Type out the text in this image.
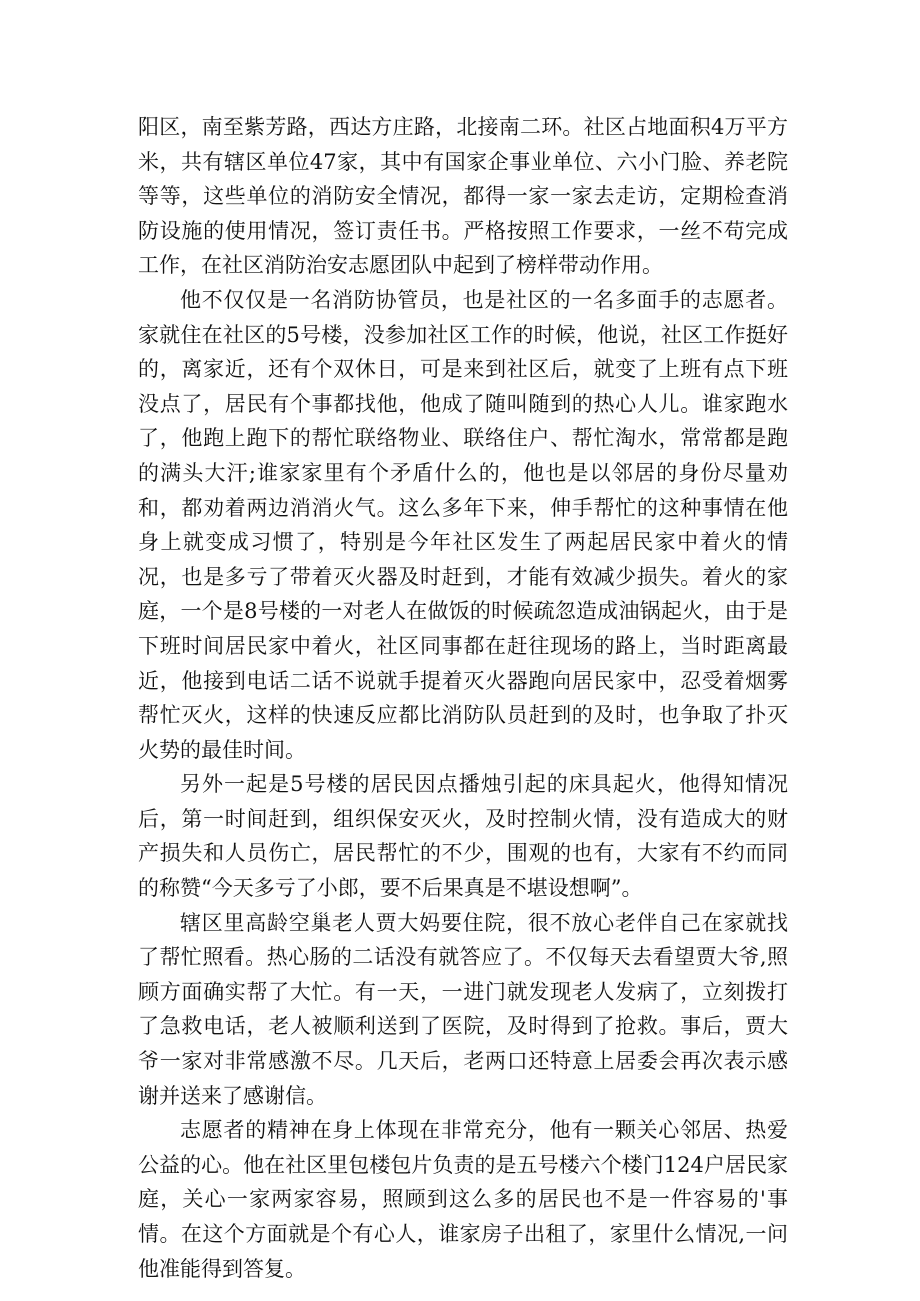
阳区，南至紫芳路，西达方庄路，北接南二环。社区占地面积4万平方米，共有辖区单位47家，其中有国家企事业单位、六小门脸、养老院等等，这些单位的消防安全情况，都得一家一家去走访，定期检查消防设施的使用情况，签订责任书。严格按照工作要求，一丝不苟完成工作，在社区消防治安志愿团队中起到了榜样带动作用。

他不仅仅是一名消防协管员，也是社区的一名多面手的志愿者。家就住在社区的5号楼，没参加社区工作的时候，他说，社区工作挺好的，离家近，还有个双休日，可是来到社区后，就变了上班有点下班没点了，居民有个事都找他，他成了随叫随到的热心人儿。谁家跑水了，他跑上跑下的帮忙联络物业、联络住户、帮忙淘水，常常都是跑的满头大汗;谁家家里有个矛盾什么的，他也是以邻居的身份尽量劝和，都劝着两边消消火气。这么多年下来，伸手帮忙的这种事情在他身上就变成习惯了，特别是今年社区发生了两起居民家中着火的情况，也是多亏了带着灭火器及时赶到，才能有效减少损失。着火的家庭，一个是8号楼的一对老人在做饭的时候疏忽造成油锅起火，由于是下班时间居民家中着火，社区同事都在赶往现场的路上，当时距离最近，他接到电话二话不说就手提着灭火器跑向居民家中，忍受着烟雾帮忙灭火，这样的快速反应都比消防队员赶到的及时，也争取了扑灭火势的最佳时间。

另外一起是5号楼的居民因点播烛引起的床具起火，他得知情况后，第一时间赶到，组织保安灭火，及时控制火情，没有造成大的财产损失和人员伤亡，居民帮忙的不少，围观的也有，大家有不约而同的称赞“今天多亏了小郎，要不后果真是不堪设想啊”。

辖区里高龄空巢老人贾大妈要住院，很不放心老伴自己在家就找了帮忙照看。热心肠的二话没有就答应了。不仅每天去看望贾大爷,照顾方面确实帮了大忙。有一天，一进门就发现老人发病了，立刻拨打了急救电话，老人被顺利送到了医院，及时得到了抢救。事后，贾大爷一家对非常感激不尽。几天后，老两口还特意上居委会再次表示感谢并送来了感谢信。

志愿者的精神在身上体现在非常充分，他有一颗关心邻居、热爱公益的心。他在社区里包楼包片负责的是五号楼六个楼门124户居民家庭，关心一家两家容易，照顾到这么多的居民也不是一件容易的'事情。在这个方面就是个有心人，谁家房子出租了，家里什么情况,一问他准能得到答复。
